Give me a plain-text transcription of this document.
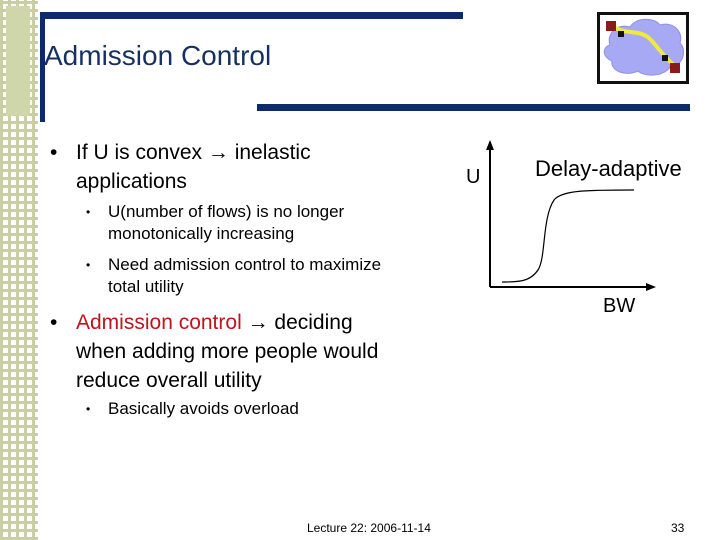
Admission Control
• If U is convex → inelastic
applications
• U(number of flows) is no longer
monotonically increasing
• Need admission control to maximize
total utility
• Admission control → deciding
when adding more people would
reduce overall utility
• Basically avoids overload
U Delay-adaptive
BW
Lecture 22: 2006-11-14	33
